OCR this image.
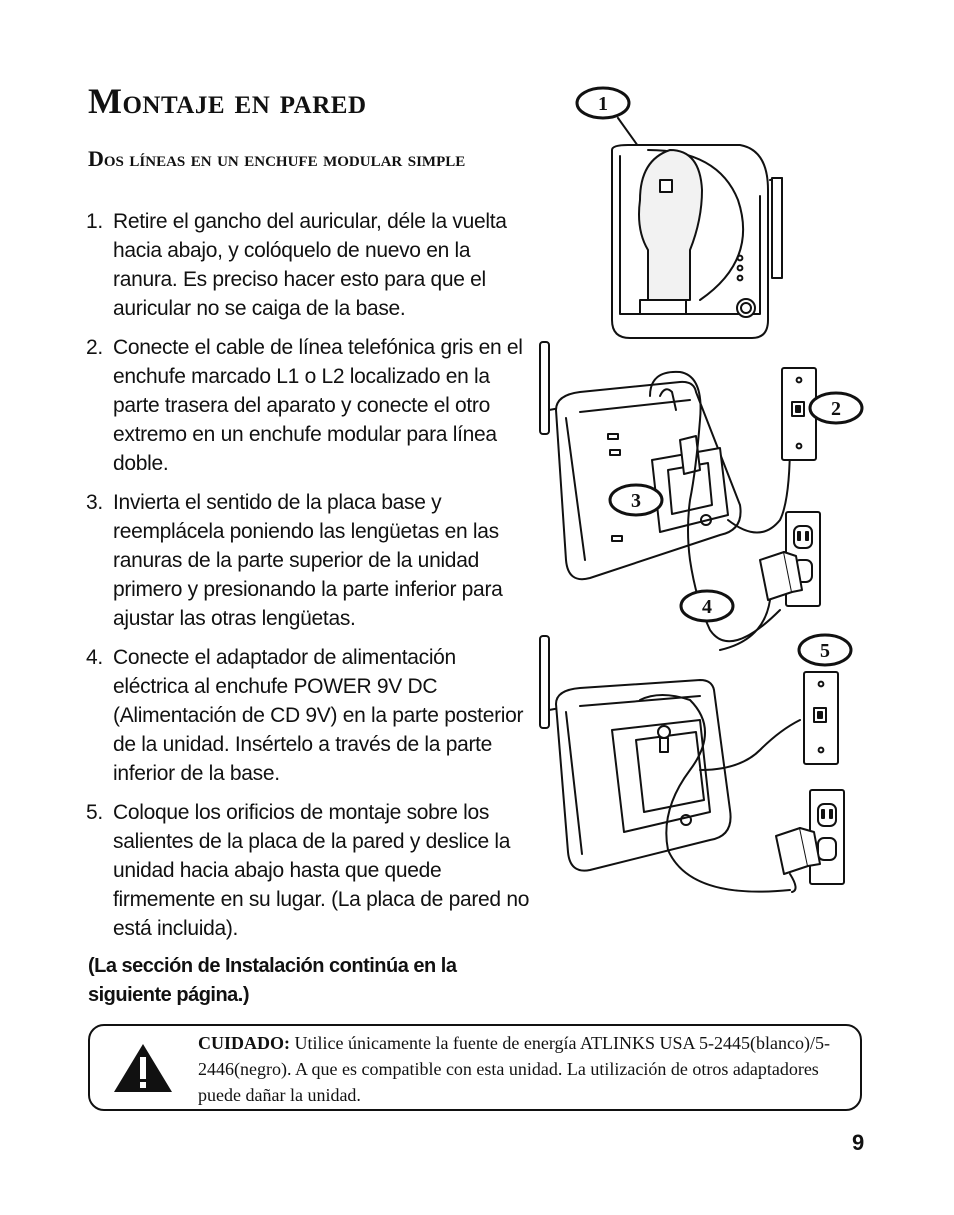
Montaje en pared
Dos líneas en un enchufe modular simple
1. Retire el gancho del auricular, déle la vuelta hacia abajo, y colóquelo de nuevo en la ranura. Es preciso hacer esto para que el auricular no se caiga de la base.
2. Conecte el cable de línea telefónica gris en el enchufe marcado L1 o L2 localizado en la parte trasera del aparato y conecte el otro extremo en un enchufe modular para línea doble.
3. Invierta el sentido de la placa base y reemplácela poniendo las lengüetas en las ranuras de la parte superior de la unidad primero y presionando la parte inferior para ajustar las otras lengüetas.
4. Conecte el adaptador de alimentación eléctrica al enchufe POWER 9V DC (Alimentación de CD 9V) en la parte posterior de la unidad. Insértelo a través de la parte inferior de la base.
5. Coloque los orificios de montaje sobre los salientes de la placa de la pared y deslice la unidad hacia abajo hasta que quede firmemente en su lugar. (La placa de pared no está incluida).

(La sección de Instalación continúa en la siguiente página.)

CUIDADO: Utilice únicamente la fuente de energía ATLINKS USA 5-2445(blanco)/5-2446(negro). A que es compatible con esta unidad. La utilización de otros adaptadores puede dañar la unidad.

9
1
2
3
4
5
